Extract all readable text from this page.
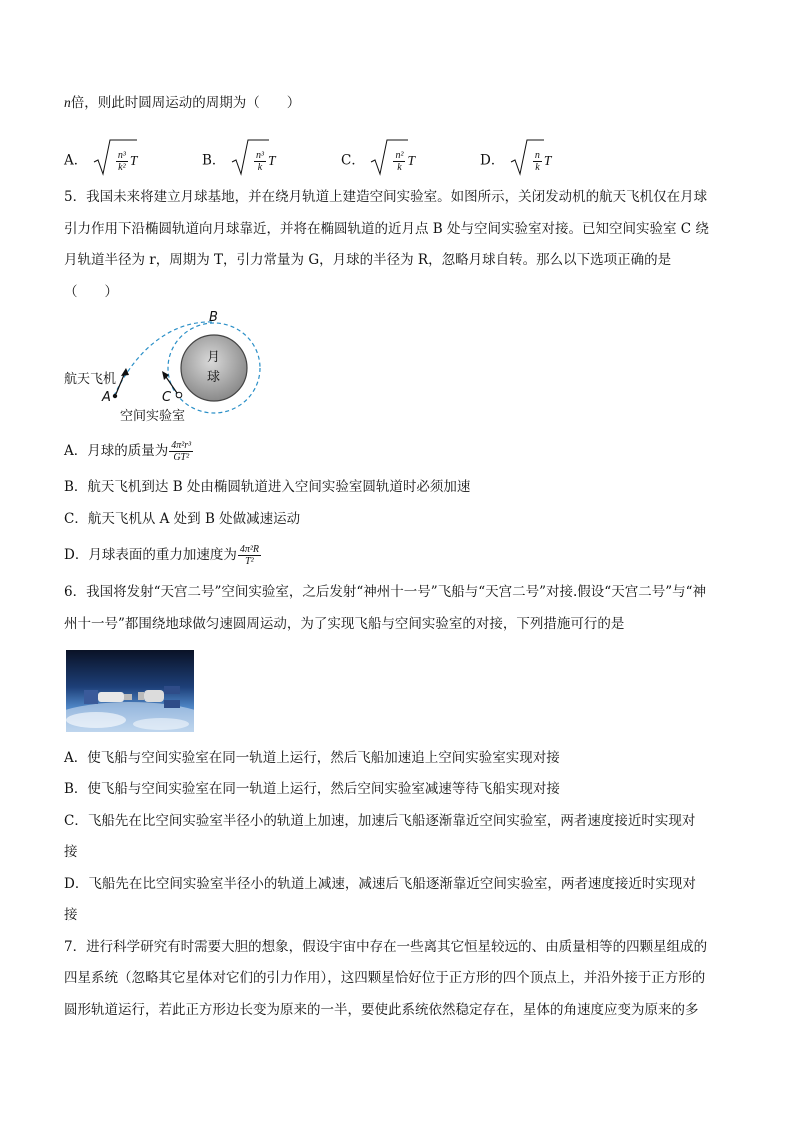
n倍，则此时圆周运动的周期为（　　）
A．	$\frac{\text{n³}}{\text{k²}}$ T	B．	$\frac{\text{n³}}{k}$ T	C．	$\frac{\text{n²}}{k}$ T	D．	$\frac{n}{k}$ T
5．我国未来将建立月球基地，并在绕月轨道上建造空间实验室。如图所示，关闭发动机的航天飞机仅在月球
引力作用下沿椭圆轨道向月球靠近，并将在椭圆轨道的近月点 B 处与空间实验室对接。已知空间实验室 C 绕
月轨道半径为 r，周期为 T，引力常量为 G，月球的半径为 R，忽略月球自转。那么以下选项正确的是
（　　）
B
A	C
月
球
航天飞机
空间实验室
A．月球的质量为 $\frac{\text{4π²r³}}{\text{GT²}}$
B．航天飞机到达 B 处由椭圆轨道进入空间实验室圆轨道时必须加速
C．航天飞机从 A 处到 B 处做减速运动
D．月球表面的重力加速度为 $\frac{\text{4π²R}}{\text{T²}}$
6．我国将发射“天宫二号”空间实验室，之后发射“神州十一号”飞船与“天宫二号”对接.假设“天宫二号”与“神
州十一号”都围绕地球做匀速圆周运动，为了实现飞船与空间实验室的对接，下列措施可行的是
A．使飞船与空间实验室在同一轨道上运行，然后飞船加速追上空间实验室实现对接
B．使飞船与空间实验室在同一轨道上运行，然后空间实验室减速等待飞船实现对接
C．飞船先在比空间实验室半径小的轨道上加速，加速后飞船逐渐靠近空间实验室，两者速度接近时实现对
接
D．飞船先在比空间实验室半径小的轨道上减速，减速后飞船逐渐靠近空间实验室，两者速度接近时实现对
接
7．进行科学研究有时需要大胆的想象，假设宇宙中存在一些离其它恒星较远的、由质量相等的四颗星组成的
四星系统（忽略其它星体对它们的引力作用），这四颗星恰好位于正方形的四个顶点上，并沿外接于正方形的
圆形轨道运行，若此正方形边长变为原来的一半，要使此系统依然稳定存在，星体的角速度应变为原来的多
